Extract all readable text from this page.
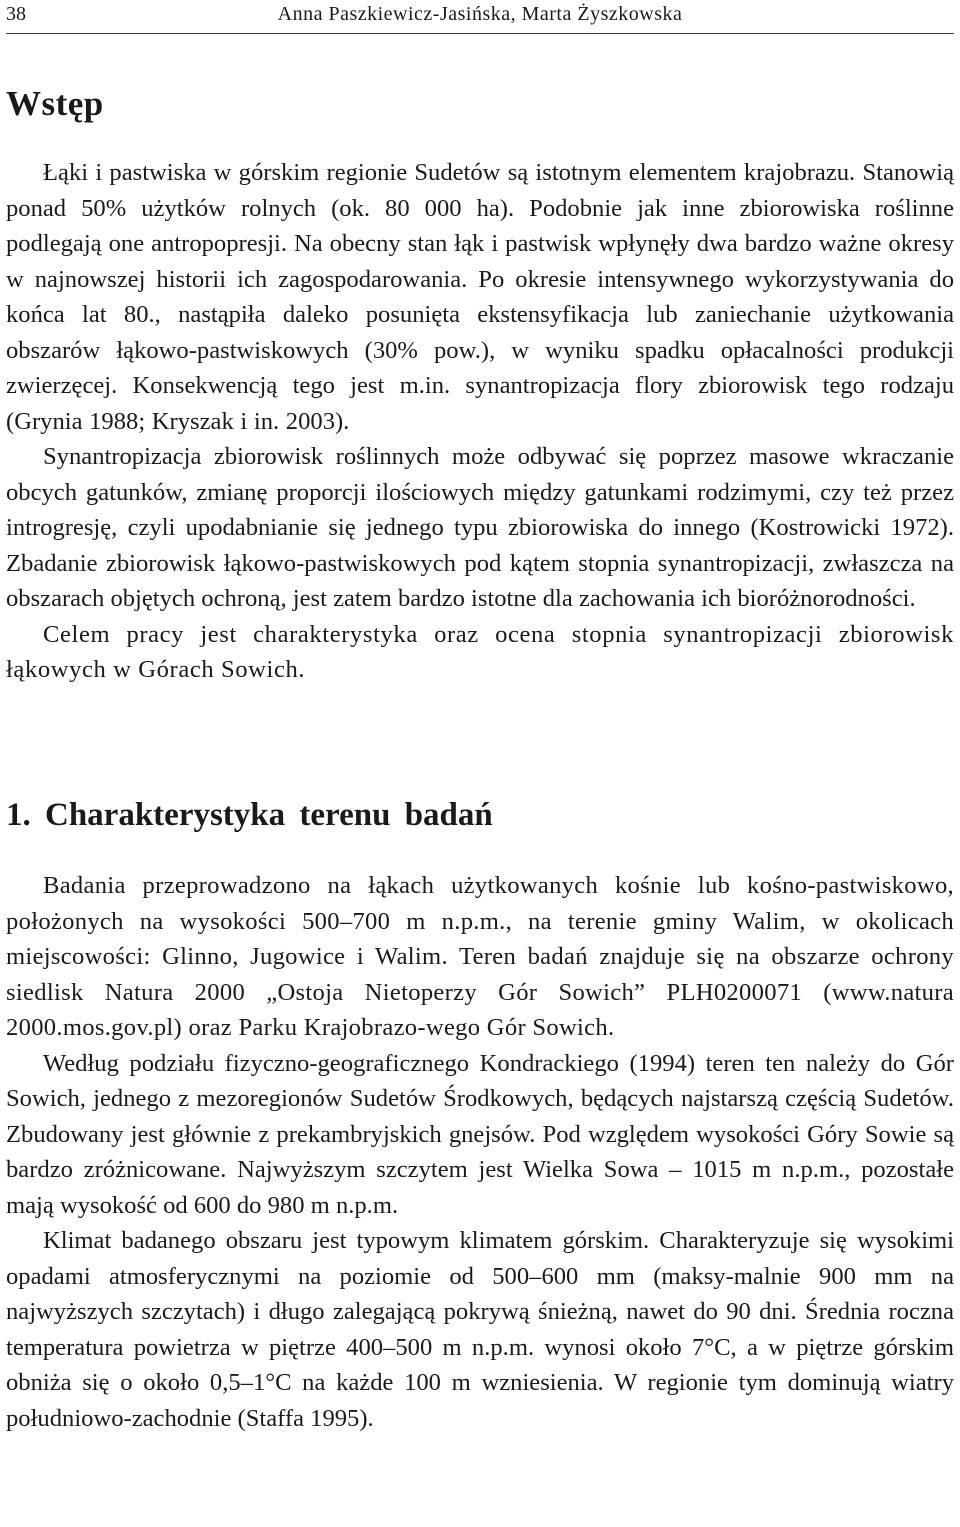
38	Anna Paszkiewicz-Jasińska, Marta Żyszkowska
Wstęp

Łąki i pastwiska w górskim regionie Sudetów są istotnym elementem krajobrazu. Stanowią ponad 50% użytków rolnych (ok. 80 000 ha). Podobnie jak inne zbiorowiska roślinne podlegają one antropopresji. Na obecny stan łąk i pastwisk wpłynęły dwa bardzo ważne okresy w najnowszej historii ich zagospodarowania. Po okresie intensywnego wykorzystywania do końca lat 80., nastąpiła daleko posunięta ekstensyfikacja lub zaniechanie użytkowania obszarów łąkowo-pastwiskowych (30% pow.), w wyniku spadku opłacalności produkcji zwierzęcej. Konsekwencją tego jest m.in. synantropizacja flory zbiorowisk tego rodzaju (Grynia 1988; Kryszak i in. 2003).

Synantropizacja zbiorowisk roślinnych może odbywać się poprzez masowe wkraczanie obcych gatunków, zmianę proporcji ilościowych między gatunkami rodzimymi, czy też przez introgresję, czyli upodabnianie się jednego typu zbiorowiska do innego (Kostrowicki 1972). Zbadanie zbiorowisk łąkowo-pastwiskowych pod kątem stopnia synantropizacji, zwłaszcza na obszarach objętych ochroną, jest zatem bardzo istotne dla zachowania ich bioróżnorodności.

Celem pracy jest charakterystyka oraz ocena stopnia synantropizacji zbiorowisk łąkowych w Górach Sowich.

1. Charakterystyka terenu badań

Badania przeprowadzono na łąkach użytkowanych kośnie lub kośno-pastwiskowo, położonych na wysokości 500–700 m n.p.m., na terenie gminy Walim, w okolicach miejscowości: Glinno, Jugowice i Walim. Teren badań znajduje się na obszarze ochrony siedlisk Natura 2000 „Ostoja Nietoperzy Gór Sowich” PLH0200071 (www.natura 2000.mos.gov.pl) oraz Parku Krajobrazo-wego Gór Sowich.

Według podziału fizyczno-geograficznego Kondrackiego (1994) teren ten należy do Gór Sowich, jednego z mezoregionów Sudetów Środkowych, będących najstarszą częścią Sudetów. Zbudowany jest głównie z prekambryjskich gnejsów. Pod względem wysokości Góry Sowie są bardzo zróżnicowane. Najwyższym szczytem jest Wielka Sowa – 1015 m n.p.m., pozostałe mają wysokość od 600 do 980 m n.p.m.

Klimat badanego obszaru jest typowym klimatem górskim. Charakteryzuje się wysokimi opadami atmosferycznymi na poziomie od 500–600 mm (maksy-malnie 900 mm na najwyższych szczytach) i długo zalegającą pokrywą śnieżną, nawet do 90 dni. Średnia roczna temperatura powietrza w piętrze 400–500 m n.p.m. wynosi około 7°C, a w piętrze górskim obniża się o około 0,5–1°C na każde 100 m wzniesienia. W regionie tym dominują wiatry południowo-zachodnie (Staffa 1995).
